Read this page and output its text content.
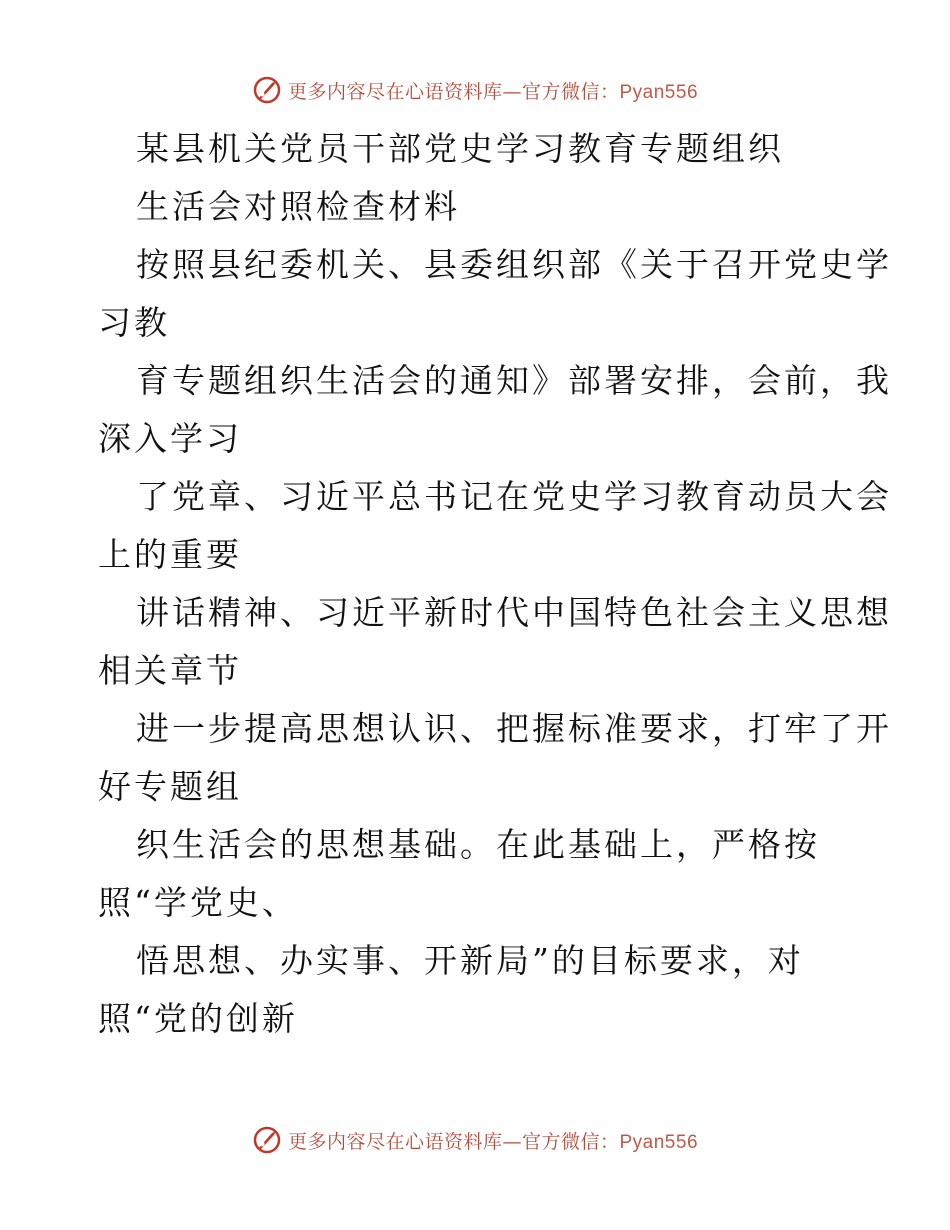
更多内容尽在心语资料库—官方微信：Pyan556
某县机关党员干部党史学习教育专题组织
生活会对照检查材料
按照县纪委机关、县委组织部《关于召开党史学
习教
育专题组织生活会的通知》部署安排，会前，我
深入学习
了党章、习近平总书记在党史学习教育动员大会
上的重要
讲话精神、习近平新时代中国特色社会主义思想
相关章节
进一步提高思想认识、把握标准要求，打牢了开
好专题组
织生活会的思想基础。在此基础上，严格按
照“学党史、
悟思想、办实事、开新局”的目标要求，对
照“党的创新
更多内容尽在心语资料库—官方微信：Pyan556
